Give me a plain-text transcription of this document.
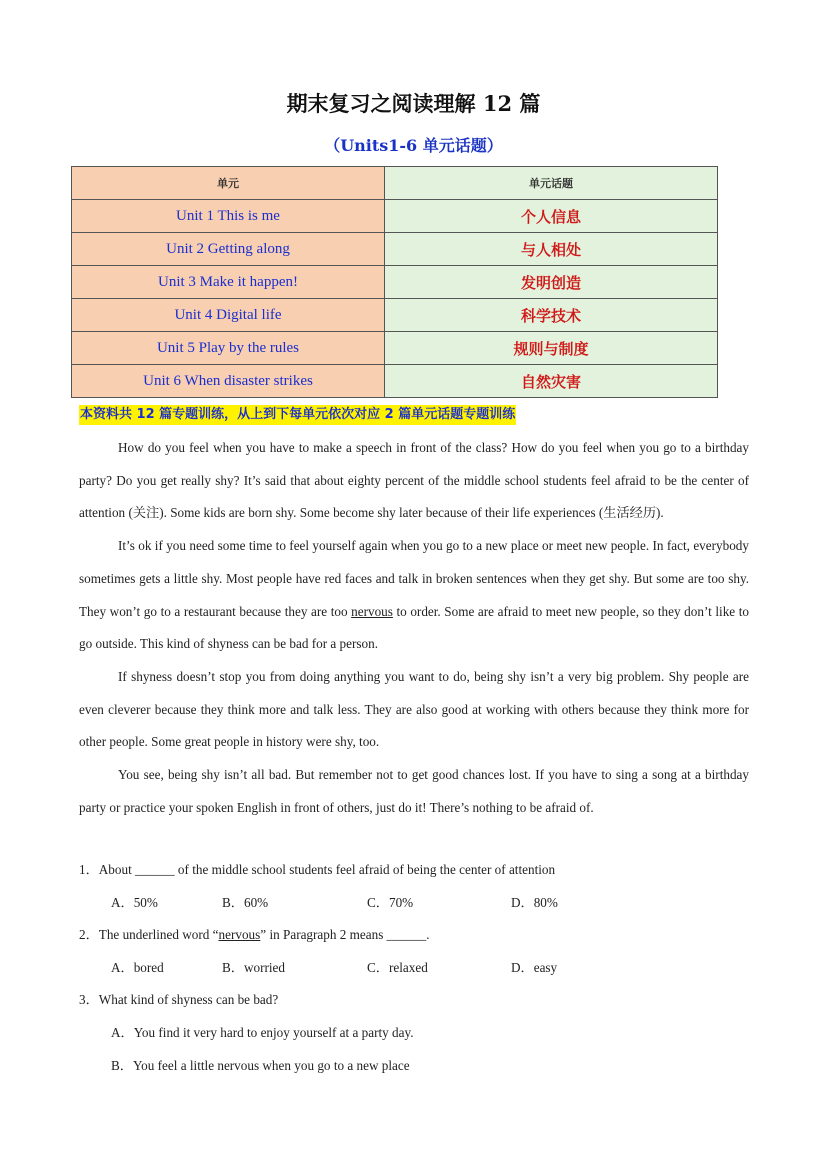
期末复习之阅读理解 12 篇
（Units1-6 单元话题）
单元	单元话题
Unit 1 This is me	个人信息
Unit 2 Getting along	与人相处
Unit 3 Make it happen!	发明创造
Unit 4 Digital life	科学技术
Unit 5 Play by the rules	规则与制度
Unit 6 When disaster strikes	自然灾害
本资料共 12 篇专题训练，从上到下每单元依次对应 2 篇单元话题专题训练

How do you feel when you have to make a speech in front of the class? How do you feel when you go to a birthday party? Do you get really shy? It’s said that about eighty percent of the middle school students feel afraid to be the center of attention (关注). Some kids are born shy. Some become shy later because of their life experiences (生活经历).

It’s ok if you need some time to feel yourself again when you go to a new place or meet new people. In fact, everybody sometimes gets a little shy. Most people have red faces and talk in broken sentences when they get shy. But some are too shy. They won’t go to a restaurant because they are too nervous to order. Some are afraid to meet new people, so they don’t like to go outside. This kind of shyness can be bad for a person.

If shyness doesn’t stop you from doing anything you want to do, being shy isn’t a very big problem. Shy people are even cleverer because they think more and talk less. They are also good at working with others because they think more for other people. Some great people in history were shy, too.

You see, being shy isn’t all bad. But remember not to get good chances lost. If you have to sing a song at a birthday party or practice your spoken English in front of others, just do it! There’s nothing to be afraid of.

1．About ______ of the middle school students feel afraid of being the center of attention

A．50%	B．60%	C．70%	D．80%

2．The underlined word “nervous” in Paragraph 2 means ______.

A．bored	B．worried	C．relaxed	D．easy

3．What kind of shyness can be bad?

A．You find it very hard to enjoy yourself at a party day.

B．You feel a little nervous when you go to a new place
